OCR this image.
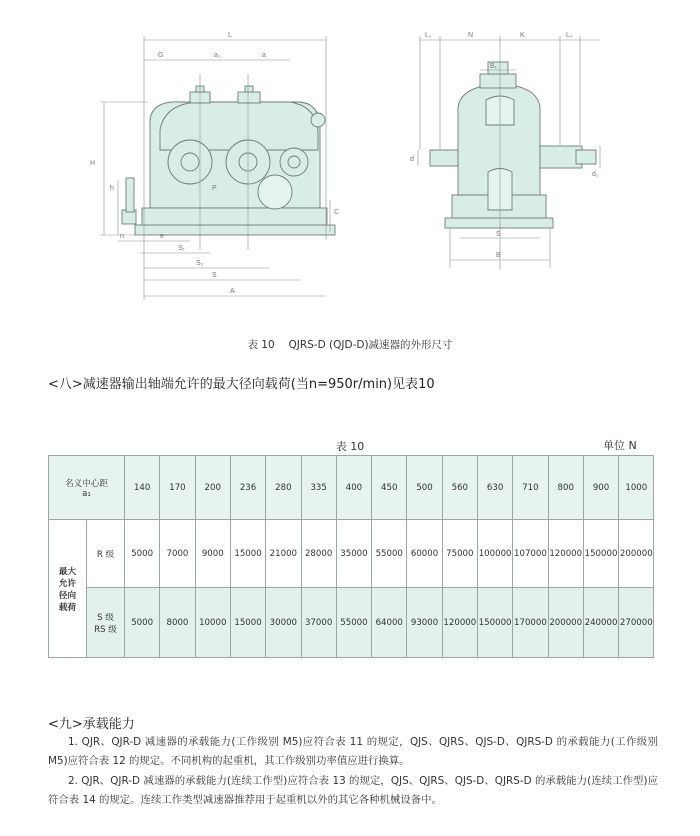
L
G	a₁	a
H
h
e
n
C
S₁
S₂
S
A
P
L₁	N	K	L₂
B₁
d
d₁
S
B
表 10 　QJRS-D (QJD-D)减速器的外形尺寸
<八>减速器输出轴端允许的最大径向载荷(当n=950r/min)见表10
表 10	单位 N
名义中心距
a₁		140	170	200	236	280	335	400	450	500	560	630	710	800	900	1000
最大
允许
径向
载荷	R 级	5000	7000	9000	15000	21000	28000	35000	55000	60000	75000	100000	107000	120000	150000	200000
	S 级
RS 级	5000	8000	10000	15000	30000	37000	55000	64000	93000	120000	150000	170000	200000	240000	270000
<九>承载能力
1. QJR、QJR-D 减速器的承载能力(工作级别 M5)应符合表 11 的规定，QJS、QJRS、QJS-D、QJRS-D 的承载能力(工作级别 M5)应符合表 12 的规定。不同机构的起重机，其工作级别功率值应进行换算。
2. QJR、QJR-D 减速器的承载能力(连续工作型)应符合表 13 的规定，QJS、QJRS、QJS-D、QJRS-D 的承载能力(连续工作型)应符合表 14 的规定。连续工作类型减速器推荐用于起重机以外的其它各种机械设备中。
